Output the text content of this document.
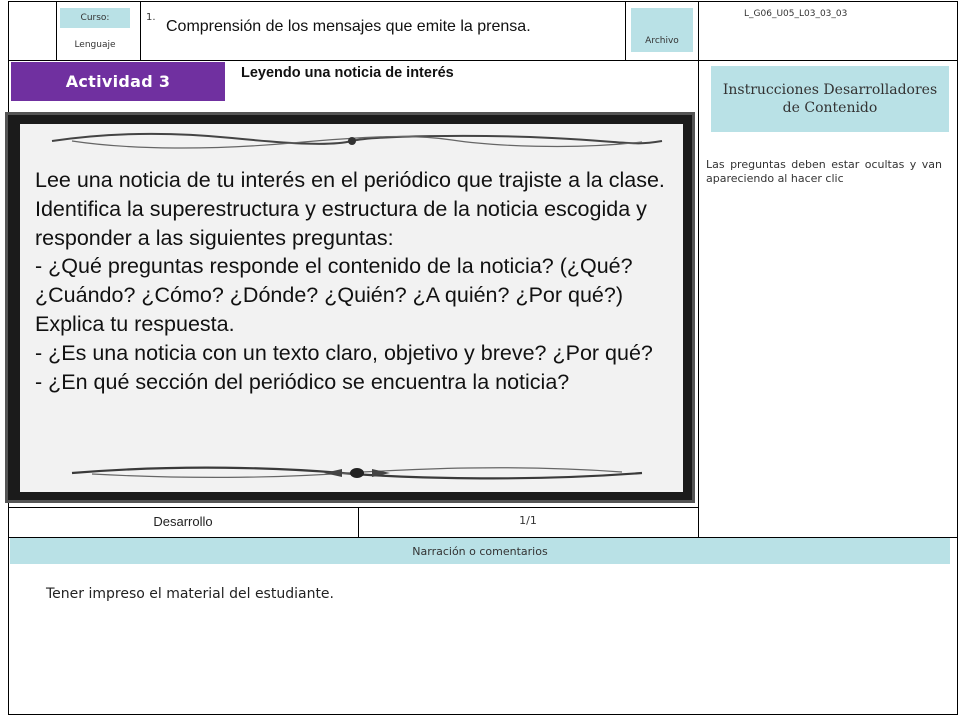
Curso:
Lenguaje
1.
Comprensión de los mensajes que emite la prensa.
Archivo
L_G06_U05_L03_03_03
Actividad 3	Leyendo una noticia de interés
Lee una noticia de tu interés en el periódico que trajiste a la clase. Identifica la superestructura y estructura de la noticia escogida y responder a las siguientes preguntas:
- ¿Qué preguntas responde el contenido de la noticia? (¿Qué? ¿Cuándo? ¿Cómo? ¿Dónde? ¿Quién? ¿A quién? ¿Por qué?) Explica tu respuesta.
- ¿Es una noticia con un texto claro, objetivo y breve? ¿Por qué?
- ¿En qué sección del periódico se encuentra la noticia?
Desarrollo	1/1
Instrucciones Desarrolladores de Contenido
Las preguntas deben estar ocultas y van apareciendo al hacer clic
Narración o comentarios
Tener impreso el material del estudiante.
